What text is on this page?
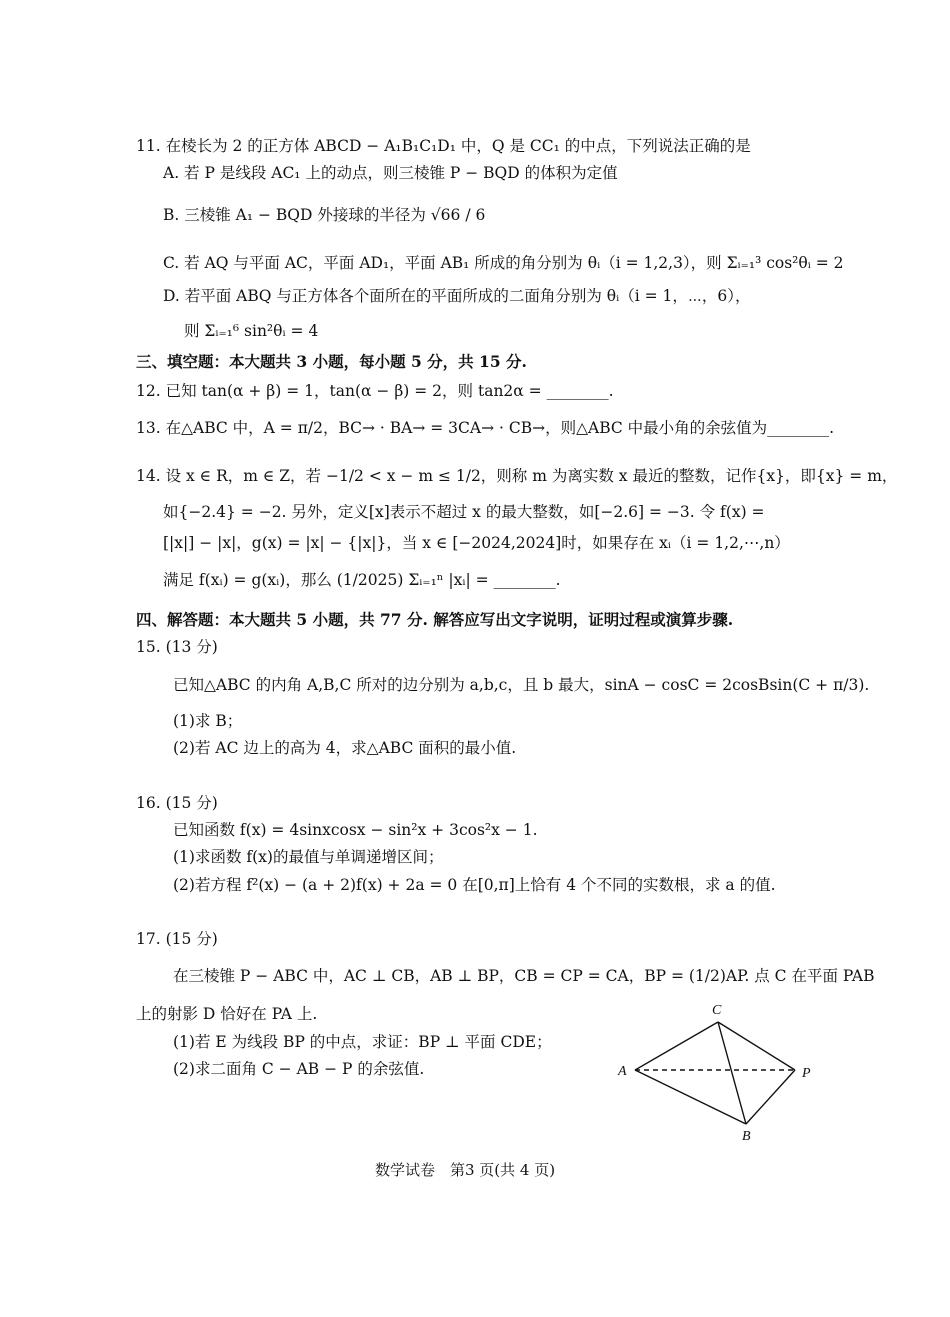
11. 在棱长为 2 的正方体 ABCD − A₁B₁C₁D₁ 中，Q 是 CC₁ 的中点，下列说法正确的是
A. 若 P 是线段 AC₁ 上的动点，则三棱锥 P − BQD 的体积为定值
B. 三棱锥 A₁ − BQD 外接球的半径为 √66 / 6
C. 若 AQ 与平面 AC，平面 AD₁，平面 AB₁ 所成的角分别为 θᵢ（i = 1,2,3），则 Σᵢ₌₁³ cos²θᵢ = 2
D. 若平面 ABQ 与正方体各个面所在的平面所成的二面角分别为 θᵢ（i = 1，⋯，6），
则 Σᵢ₌₁⁶ sin²θᵢ = 4
三、填空题：本大题共 3 小题，每小题 5 分，共 15 分.
12. 已知 tan(α + β) = 1，tan(α − β) = 2，则 tan2α = ________.
13. 在△ABC 中，A = π/2，BC→ · BA→ = 3CA→ · CB→，则△ABC 中最小角的余弦值为________.
14. 设 x ∈ R，m ∈ Z，若 −1/2 < x − m ≤ 1/2，则称 m 为离实数 x 最近的整数，记作{x}，即{x} = m，
如{−2.4} = −2. 另外，定义[x]表示不超过 x 的最大整数，如[−2.6] = −3. 令 f(x) =
[|x|] − |x|，g(x) = |x| − {|x|}，当 x ∈ [−2024,2024]时，如果存在 xᵢ（i = 1,2,⋯,n）
满足 f(xᵢ) = g(xᵢ)，那么 (1/2025) Σᵢ₌₁ⁿ |xᵢ| = ________.
四、解答题：本大题共 5 小题，共 77 分. 解答应写出文字说明，证明过程或演算步骤.
15. (13 分)
已知△ABC 的内角 A,B,C 所对的边分别为 a,b,c，且 b 最大，sinA − cosC = 2cosBsin(C + π/3).
(1)求 B；
(2)若 AC 边上的高为 4，求△ABC 面积的最小值.
16. (15 分)
已知函数 f(x) = 4sinxcosx − sin²x + 3cos²x − 1.
(1)求函数 f(x)的最值与单调递增区间；
(2)若方程 f²(x) − (a + 2)f(x) + 2a = 0 在[0,π]上恰有 4 个不同的实数根，求 a 的值.
17. (15 分)
在三棱锥 P − ABC 中，AC ⊥ CB，AB ⊥ BP，CB = CP = CA，BP = (1/2)AP. 点 C 在平面 PAB
上的射影 D 恰好在 PA 上.
(1)若 E 为线段 BP 的中点，求证：BP ⊥ 平面 CDE；
(2)求二面角 C − AB − P 的余弦值.
C
A	P
B
数学试卷　第3 页(共 4 页)
